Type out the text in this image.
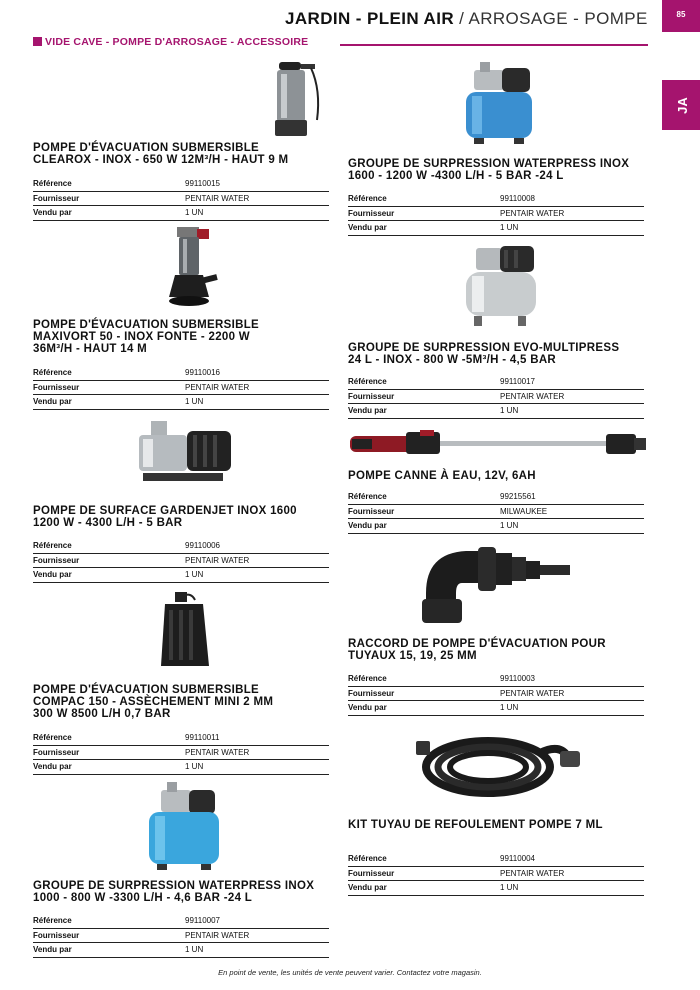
JARDIN - PLEIN AIR / ARROSAGE - POMPE	85
JA
VIDE CAVE - POMPE D'ARROSAGE - ACCESSOIRE
POMPE D'ÉVACUATION SUBMERSIBLE
CLEAROX - INOX - 650 W 12M³/H - HAUT 9 M
Référence	99110015
Fournisseur	PENTAIR WATER
Vendu par	1 UN
POMPE D'ÉVACUATION SUBMERSIBLE
MAXIVORT 50 - INOX FONTE - 2200 W
36M³/H - HAUT 14 M
Référence	99110016
Fournisseur	PENTAIR WATER
Vendu par	1 UN
POMPE DE SURFACE GARDENJET INOX 1600
1200 W - 4300 L/H - 5 BAR
Référence	99110006
Fournisseur	PENTAIR WATER
Vendu par	1 UN
POMPE D'ÉVACUATION SUBMERSIBLE
COMPAC 150 - ASSÈCHEMENT MINI 2 MM
300 W 8500 L/H 0,7 BAR
Référence	99110011
Fournisseur	PENTAIR WATER
Vendu par	1 UN
GROUPE DE SURPRESSION WATERPRESS INOX
1000 - 800 W -3300 L/H - 4,6 BAR -24 L
Référence	99110007
Fournisseur	PENTAIR WATER
Vendu par	1 UN
GROUPE DE SURPRESSION WATERPRESS INOX
1600 - 1200 W -4300 L/H - 5 BAR -24 L
Référence	99110008
Fournisseur	PENTAIR WATER
Vendu par	1 UN
GROUPE DE SURPRESSION EVO-MULTIPRESS
24 L - INOX - 800 W -5M³/H - 4,5 BAR
Référence	99110017
Fournisseur	PENTAIR WATER
Vendu par	1 UN
POMPE CANNE À EAU, 12V, 6AH
Référence	99215561
Fournisseur	MILWAUKEE
Vendu par	1 UN
RACCORD DE POMPE D'ÉVACUATION POUR
TUYAUX 15, 19, 25 MM
Référence	99110003
Fournisseur	PENTAIR WATER
Vendu par	1 UN
KIT TUYAU DE REFOULEMENT POMPE 7 ML
Référence	99110004
Fournisseur	PENTAIR WATER
Vendu par	1 UN
En point de vente, les unités de vente peuvent varier. Contactez votre magasin.
